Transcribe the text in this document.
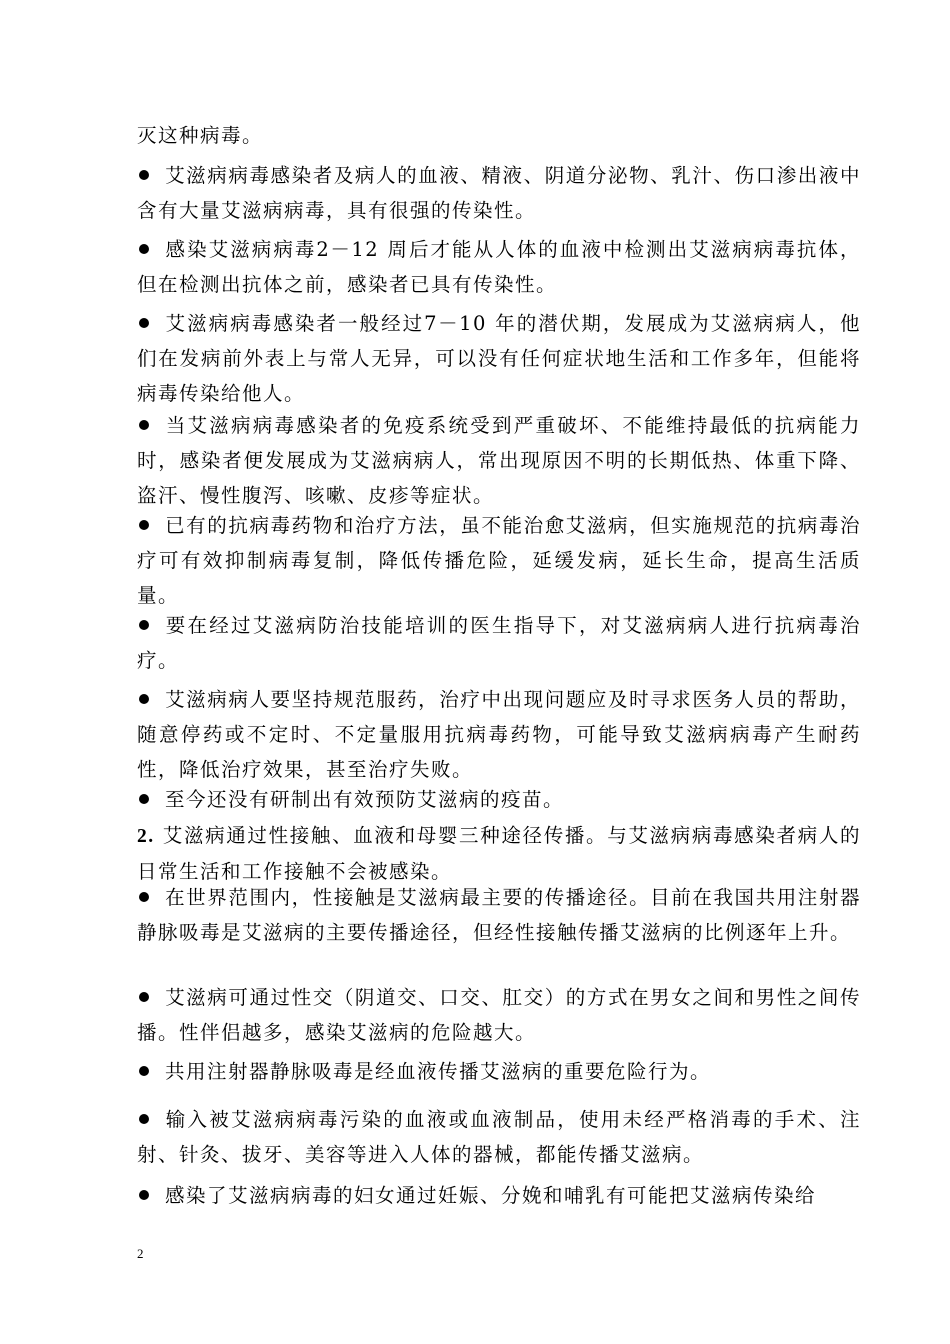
灭这种病毒。

艾滋病病毒感染者及病人的血液、精液、阴道分泌物、乳汁、伤口渗出液中含有大量艾滋病病毒，具有很强的传染性。

感染艾滋病病毒2－12 周后才能从人体的血液中检测出艾滋病病毒抗体，但在检测出抗体之前，感染者已具有传染性。

艾滋病病毒感染者一般经过7－10 年的潜伏期，发展成为艾滋病病人，他们在发病前外表上与常人无异，可以没有任何症状地生活和工作多年，但能将病毒传染给他人。

当艾滋病病毒感染者的免疫系统受到严重破坏、不能维持最低的抗病能力时，感染者便发展成为艾滋病病人，常出现原因不明的长期低热、体重下降、盗汗、慢性腹泻、咳嗽、皮疹等症状。

已有的抗病毒药物和治疗方法，虽不能治愈艾滋病，但实施规范的抗病毒治疗可有效抑制病毒复制，降低传播危险，延缓发病，延长生命，提高生活质量。

要在经过艾滋病防治技能培训的医生指导下，对艾滋病病人进行抗病毒治疗。

艾滋病病人要坚持规范服药，治疗中出现问题应及时寻求医务人员的帮助，随意停药或不定时、不定量服用抗病毒药物，可能导致艾滋病病毒产生耐药性，降低治疗效果，甚至治疗失败。

至今还没有研制出有效预防艾滋病的疫苗。

2. 艾滋病通过性接触、血液和母婴三种途径传播。与艾滋病病毒感染者病人的日常生活和工作接触不会被感染。

在世界范围内，性接触是艾滋病最主要的传播途径。目前在我国共用注射器静脉吸毒是艾滋病的主要传播途径，但经性接触传播艾滋病的比例逐年上升。

艾滋病可通过性交（阴道交、口交、肛交）的方式在男女之间和男性之间传播。性伴侣越多，感染艾滋病的危险越大。

共用注射器静脉吸毒是经血液传播艾滋病的重要危险行为。

输入被艾滋病病毒污染的血液或血液制品，使用未经严格消毒的手术、注射、针灸、拔牙、美容等进入人体的器械，都能传播艾滋病。

感染了艾滋病病毒的妇女通过妊娠、分娩和哺乳有可能把艾滋病传染给

2
